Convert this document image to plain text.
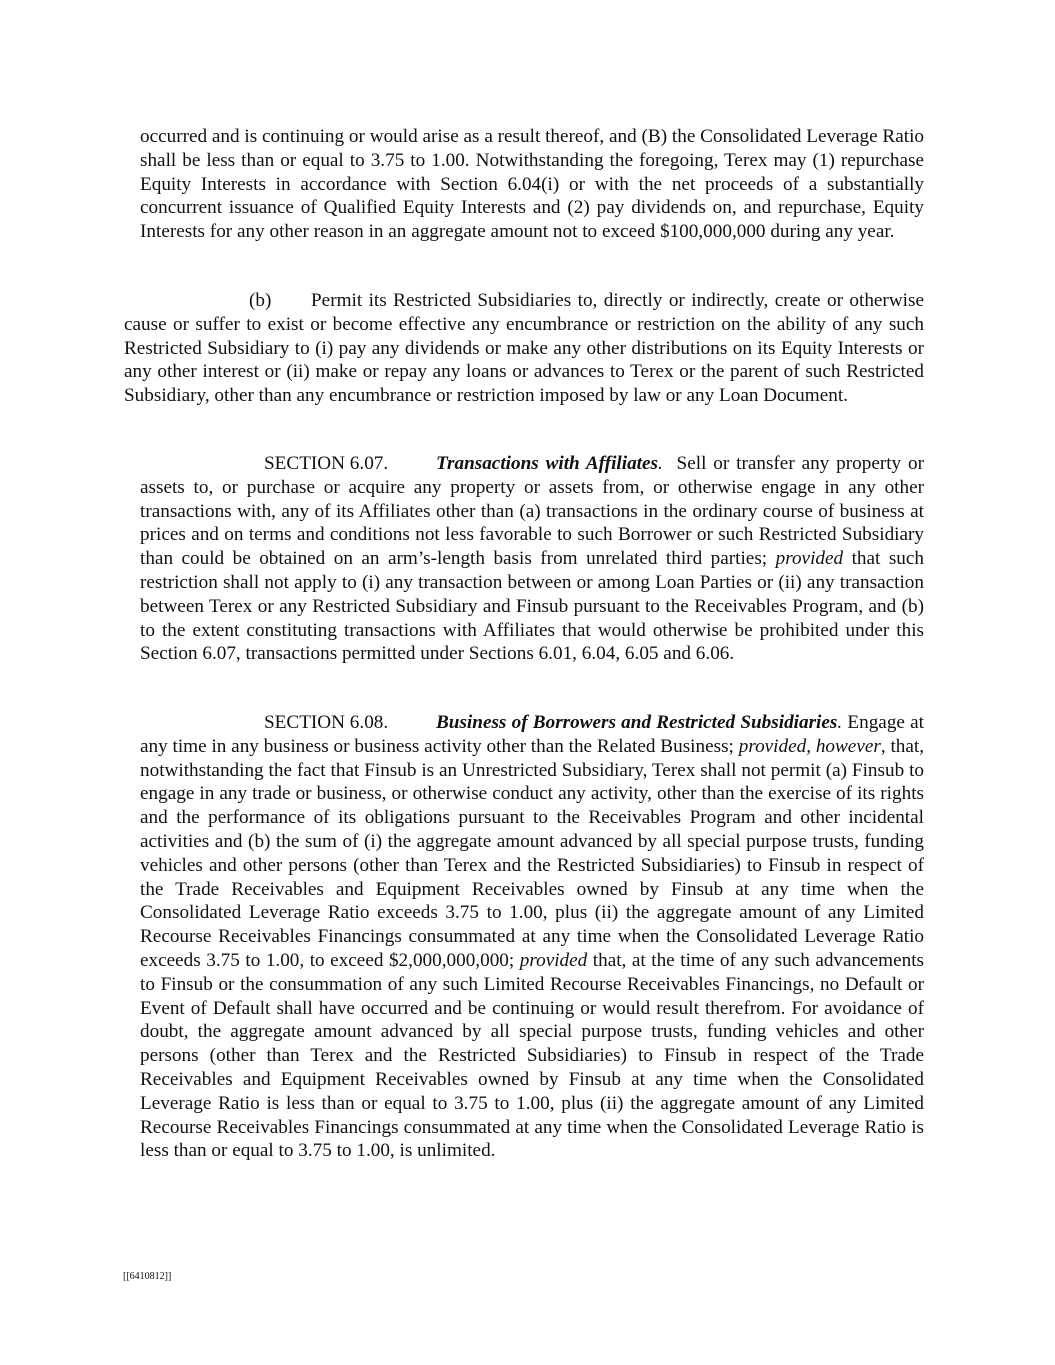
occurred and is continuing or would arise as a result thereof, and (B) the Consolidated Leverage Ratio shall be less than or equal to 3.75 to 1.00. Notwithstanding the foregoing, Terex may (1) repurchase Equity Interests in accordance with Section 6.04(i) or with the net proceeds of a substantially concurrent issuance of Qualified Equity Interests and (2) pay dividends on, and repurchase, Equity Interests for any other reason in an aggregate amount not to exceed $100,000,000 during any year.

(b) Permit its Restricted Subsidiaries to, directly or indirectly, create or otherwise cause or suffer to exist or become effective any encumbrance or restriction on the ability of any such Restricted Subsidiary to (i) pay any dividends or make any other distributions on its Equity Interests or any other interest or (ii) make or repay any loans or advances to Terex or the parent of such Restricted Subsidiary, other than any encumbrance or restriction imposed by law or any Loan Document.

SECTION 6.07. Transactions with Affiliates. Sell or transfer any property or assets to, or purchase or acquire any property or assets from, or otherwise engage in any other transactions with, any of its Affiliates other than (a) transactions in the ordinary course of business at prices and on terms and conditions not less favorable to such Borrower or such Restricted Subsidiary than could be obtained on an arm’s-length basis from unrelated third parties; provided that such restriction shall not apply to (i) any transaction between or among Loan Parties or (ii) any transaction between Terex or any Restricted Subsidiary and Finsub pursuant to the Receivables Program, and (b) to the extent constituting transactions with Affiliates that would otherwise be prohibited under this Section 6.07, transactions permitted under Sections 6.01, 6.04, 6.05 and 6.06.

SECTION 6.08. Business of Borrowers and Restricted Subsidiaries. Engage at any time in any business or business activity other than the Related Business; provided, however, that, notwithstanding the fact that Finsub is an Unrestricted Subsidiary, Terex shall not permit (a) Finsub to engage in any trade or business, or otherwise conduct any activity, other than the exercise of its rights and the performance of its obligations pursuant to the Receivables Program and other incidental activities and (b) the sum of (i) the aggregate amount advanced by all special purpose trusts, funding vehicles and other persons (other than Terex and the Restricted Subsidiaries) to Finsub in respect of the Trade Receivables and Equipment Receivables owned by Finsub at any time when the Consolidated Leverage Ratio exceeds 3.75 to 1.00, plus (ii) the aggregate amount of any Limited Recourse Receivables Financings consummated at any time when the Consolidated Leverage Ratio exceeds 3.75 to 1.00, to exceed $2,000,000,000; provided that, at the time of any such advancements to Finsub or the consummation of any such Limited Recourse Receivables Financings, no Default or Event of Default shall have occurred and be continuing or would result therefrom. For avoidance of doubt, the aggregate amount advanced by all special purpose trusts, funding vehicles and other persons (other than Terex and the Restricted Subsidiaries) to Finsub in respect of the Trade Receivables and Equipment Receivables owned by Finsub at any time when the Consolidated Leverage Ratio is less than or equal to 3.75 to 1.00, plus (ii) the aggregate amount of any Limited Recourse Receivables Financings consummated at any time when the Consolidated Leverage Ratio is less than or equal to 3.75 to 1.00, is unlimited.

[[6410812]]
